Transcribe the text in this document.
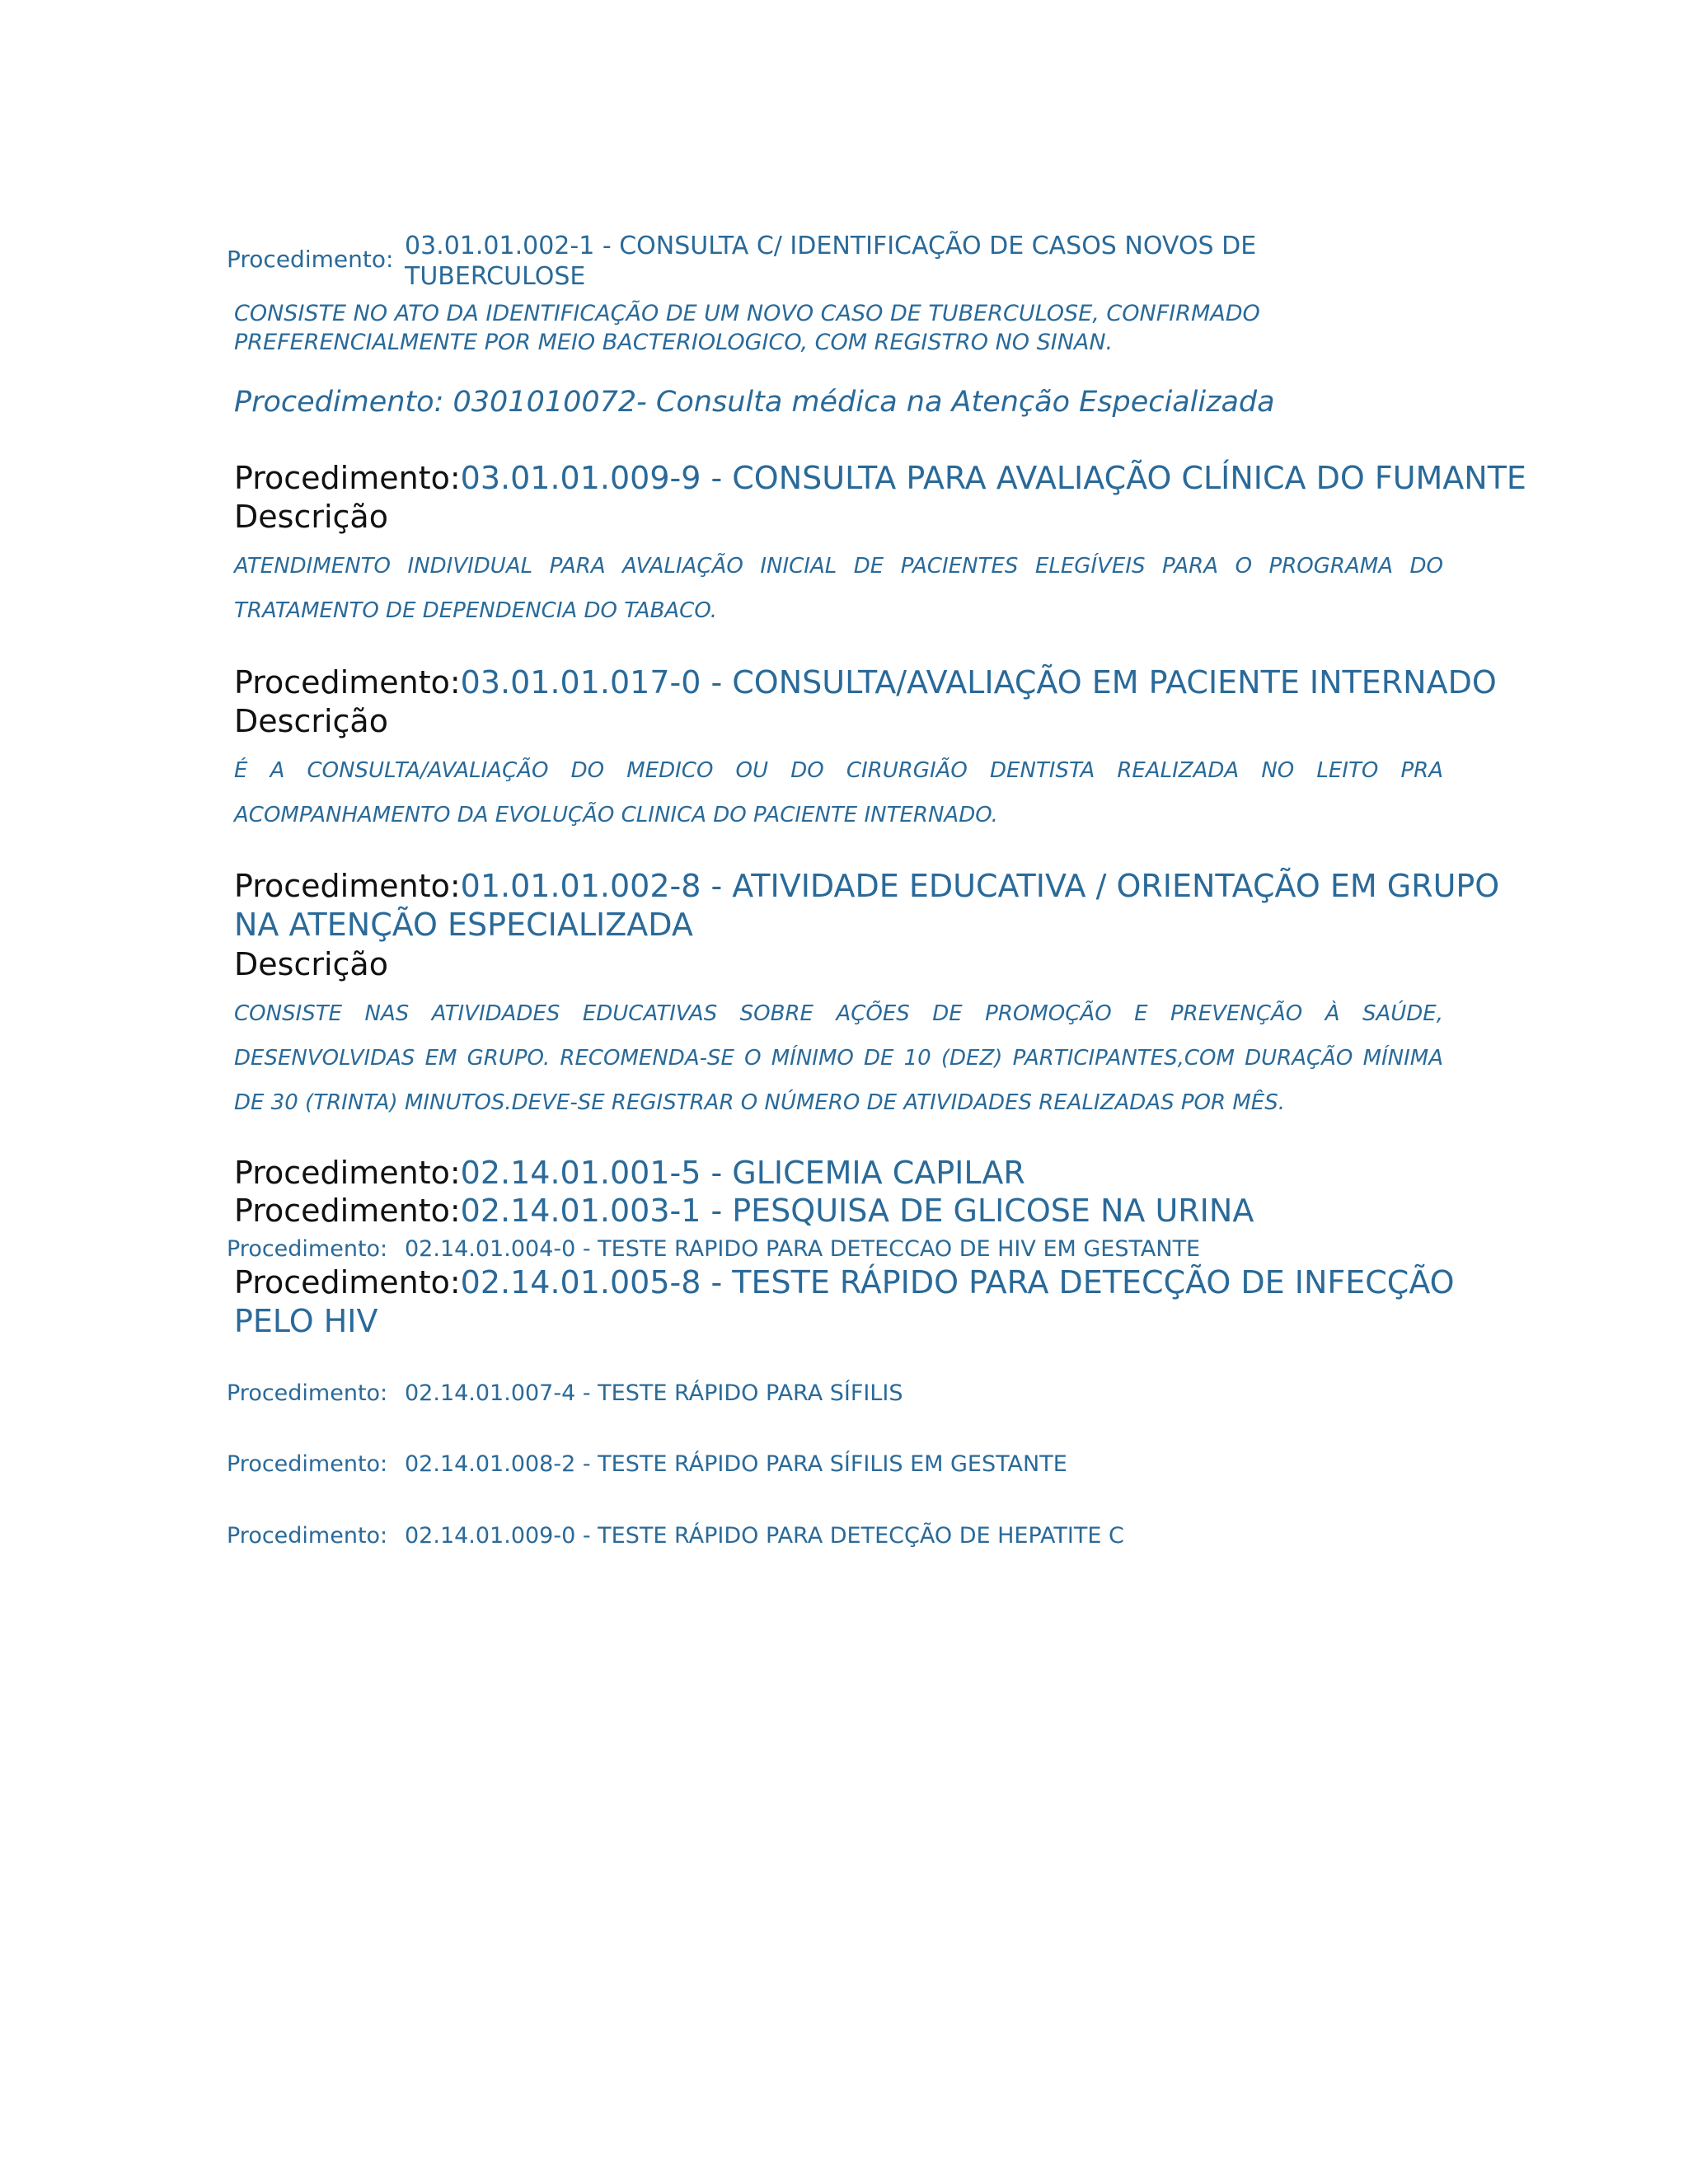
Procedimento: 03.01.01.002-1 - CONSULTA C/ IDENTIFICAÇÃO DE CASOS NOVOS DE
TUBERCULOSE
CONSISTE NO ATO DA IDENTIFICAÇÃO DE UM NOVO CASO DE TUBERCULOSE, CONFIRMADO
PREFERENCIALMENTE POR MEIO BACTERIOLOGICO, COM REGISTRO NO SINAN.
Procedimento: 0301010072- Consulta médica na Atenção Especializada
Procedimento:03.01.01.009-9 - CONSULTA PARA AVALIAÇÃO CLÍNICA DO FUMANTE
Descrição
ATENDIMENTO INDIVIDUAL PARA AVALIAÇÃO INICIAL DE PACIENTES ELEGÍVEIS PARA O PROGRAMA DO
TRATAMENTO DE DEPENDENCIA DO TABACO.
Procedimento:03.01.01.017-0 - CONSULTA/AVALIAÇÃO EM PACIENTE INTERNADO
Descrição
É A CONSULTA/AVALIAÇÃO DO MEDICO OU DO CIRURGIÃO DENTISTA REALIZADA NO LEITO PRA
ACOMPANHAMENTO DA EVOLUÇÃO CLINICA DO PACIENTE INTERNADO.
Procedimento:01.01.01.002-8 - ATIVIDADE EDUCATIVA / ORIENTAÇÃO EM GRUPO
NA ATENÇÃO ESPECIALIZADA
Descrição
CONSISTE NAS ATIVIDADES EDUCATIVAS SOBRE AÇÕES DE PROMOÇÃO E PREVENÇÃO À SAÚDE,
DESENVOLVIDAS EM GRUPO. RECOMENDA-SE O MÍNIMO DE 10 (DEZ) PARTICIPANTES,COM DURAÇÃO MÍNIMA
DE 30 (TRINTA) MINUTOS.DEVE-SE REGISTRAR O NÚMERO DE ATIVIDADES REALIZADAS POR MÊS.
Procedimento:02.14.01.001-5 - GLICEMIA CAPILAR
Procedimento:02.14.01.003-1 - PESQUISA DE GLICOSE NA URINA
Procedimento: 02.14.01.004-0 - TESTE RAPIDO PARA DETECCAO DE HIV EM GESTANTE
Procedimento:02.14.01.005-8 - TESTE RÁPIDO PARA DETECÇÃO DE INFECÇÃO
PELO HIV
Procedimento: 02.14.01.007-4 - TESTE RÁPIDO PARA SÍFILIS
Procedimento: 02.14.01.008-2 - TESTE RÁPIDO PARA SÍFILIS EM GESTANTE
Procedimento: 02.14.01.009-0 - TESTE RÁPIDO PARA DETECÇÃO DE HEPATITE C
